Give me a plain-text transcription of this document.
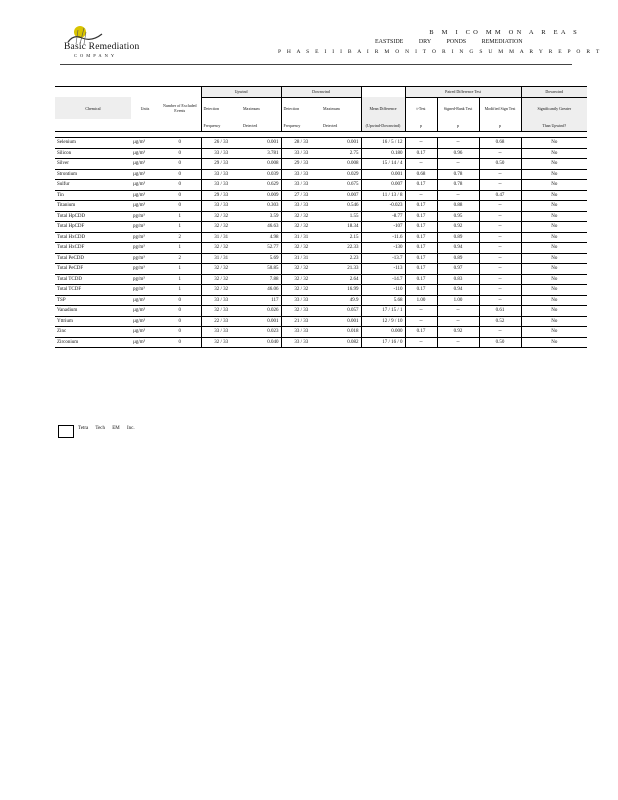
Basic Remediation
COMPANY
B M I CO MM ON A R EA S
EASTSIDE DRY PONDS REMEDIATION
P H A S E I I I B A I R M O N I T O R I N G S U M M A R Y R E P O R T
			Upwind		Downwind			Paired Difference Test			Downwind
Chemical	Units	Number of Excluded Events	Detection	Maximum	Detection	Maximum	Mean Difference	t-Test	Signed-Rank Test	Modified Sign Test	Significantly Greater
			Frequency	Detected	Frequency	Detected	(Upwind-Downwind)	p	p	p	Than Upwind?

Selenium	µg/m³	0	26 / 33	0.001	28 / 33	0.001	16 / 5 / 12	--	--	0.68	No
Silicon	µg/m³	0	33 / 33	3.781	33 / 33	2.75	0.180	0.17	0.96	--	No
Silver	µg/m³	0	29 / 33	0.008	29 / 33	0.008	15 / 14 / 4	--	--	0.50	No
Strontium	µg/m³	0	33 / 33	0.039	33 / 33	0.029	0.001	0.68	0.78	--	No
Sulfur	µg/m³	0	33 / 33	0.629	33 / 33	0.675	0.007	0.17	0.78	--	No
Tin	µg/m³	0	29 / 33	0.009	27 / 33	0.007	11 / 13 / 8	--	--	0.47	No
Titanium	µg/m³	0	33 / 33	0.303	33 / 33	0.546	-0.023	0.17	0.88	--	No
Total HpCDD	pg/m³	1	32 / 32	3.59	32 / 32	1.55	-8.77	0.17	0.95	--	No
Total HpCDF	pg/m³	1	32 / 32	46.63	32 / 32	18.34	-107	0.17	0.92	--	No
Total HxCDD	pg/m³	2	31 / 31	4.98	31 / 31	2.15	-11.6	0.17	0.89	--	No
Total HxCDF	pg/m³	1	32 / 32	52.77	32 / 32	22.33	-130	0.17	0.94	--	No
Total PeCDD	pg/m³	2	31 / 31	5.69	31 / 31	2.23	-13.7	0.17	0.89	--	No
Total PeCDF	pg/m³	1	32 / 32	50.85	32 / 32	21.33	-113	0.17	0.97	--	No
Total TCDD	pg/m³	1	32 / 32	7.88	32 / 32	2.64	-14.7	0.17	0.83	--	No
Total TCDF	pg/m³	1	32 / 32	46.06	32 / 32	16.99	-110	0.17	0.94	--	No
TSP	µg/m³	0	33 / 33	117	33 / 33	49.9	5.68	1.00	1.00	--	No
Vanadium	µg/m³	0	32 / 33	0.026	32 / 33	0.057	17 / 15 / 1	--	--	0.61	No
Yttrium	µg/m³	0	22 / 33	0.001	21 / 33	0.001	12 / 9 / 10	--	--	0.52	No
Zinc	µg/m³	0	33 / 33	0.023	33 / 33	0.018	0.000	0.17	0.92	--	No
Zirconium	µg/m³	0	32 / 33	0.040	33 / 33	0.082	17 / 16 / 0	--	--	0.50	No
Tetra Tech EM Inc.
